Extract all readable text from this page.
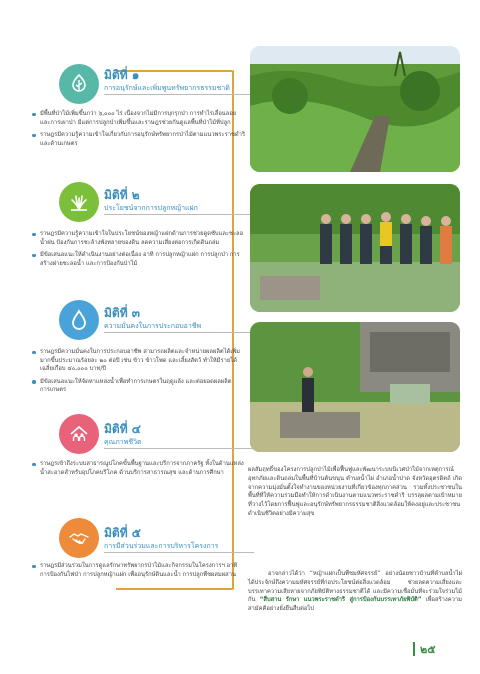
มิติที่ ๑
การอนุรักษ์และเพิ่มพูนทรัพยากรธรรมชาติ
มีพื้นที่ป่าไม้เพิ่มขึ้นกว่า ๖,๐๐๐ ไร่ เนื่องจากไม่มีการบุกรุกป่า การทำไร่เลื่อนลอย และการเผาป่า มีแต่การปลูกป่าเพิ่มขึ้นและราษฎรช่วยกันดูแลพื้นที่ป่าไม้ที่ปลูก
ราษฎรมีความรู้ความเข้าใจเกี่ยวกับการอนุรักษ์ทรัพยากรป่าไม้ตามแนวพระราชดำริและด้านเกษตร
มิติที่ ๒
ประโยชน์จากการปลูกหญ้าแฝก
ราษฎรมีความรู้ความเข้าใจในประโยชน์ของหญ้าแฝกด้านการช่วยดูดซับและชะลอน้ำฝน ป้องกันการชะล้างพังทลายของดิน ลดความเสี่ยงต่อการเกิดดินถล่ม
มีข้อเสนอแนะให้ดำเนินงานอย่างต่อเนื่อง อาทิ การปลูกหญ้าแฝก การปลูกป่า การสร้างฝายชะลอน้ำ และการป้องกันป่าไม้
มิติที่ ๓
ความมั่นคงในการประกอบอาชีพ
ราษฎรมีความมั่นคงในการประกอบอาชีพ สามารถผลิตและจำหน่ายผลผลิตได้เพิ่มมากขึ้นประมาณร้อยละ ๒๐ ต่อปี เช่น ข้าว ข้าวโพด และเลี้ยงสัตว์ ทำให้มีรายได้เฉลี่ยเกือบ ๔๐,๐๐๐ บาท/ปี
มีข้อเสนอแนะให้จัดหาแหล่งน้ำเพื่อทำการเกษตรในฤดูแล้ง และต่อยอดผลผลิตการเกษตร
มิติที่ ๔
คุณภาพชีวิต
ราษฎรเข้าถึงระบบสาธารณูปโภคขั้นพื้นฐานและบริการจากภาครัฐ ทั้งในด้านแหล่งน้ำสะอาดสำหรับอุปโภคบริโภค ด้านบริการสาธารณสุข และด้านการศึกษา
มิติที่ ๕
การมีส่วนร่วมและการบริหารโครงการ
ราษฎรมีส่วนร่วมในการดูแลรักษาทรัพยากรป่าไม้และกิจกรรมในโครงการฯ อาทิ การป้องกันไฟป่า การปลูกหญ้าแฝก เพื่ออนุรักษ์ดินและน้ำ การปลูกพืชผสมผสาน

ผลสัมฤทธิ์ของโครงการปลูกป่าไม้เพื่อฟื้นฟูและพัฒนาระบบนิเวศป่าไม้จากเหตุการณ์อุทกภัยและดินถล่มในพื้นที่บ้านต้นขนุน ตำบลน้ำไผ่ อำเภอน้ำปาด จังหวัดอุตรดิตถ์ เกิดจากความมุ่งมั่นตั้งใจทำงานของหน่วยงานที่เกี่ยวข้องทุกภาคส่วน รวมทั้งประชาชนในพื้นที่ที่ให้ความร่วมมือทำให้การดำเนินงานตามแนวพระราชดำริ บรรลุผลตามเป้าหมายที่วางไว้โดยการฟื้นฟูและอนุรักษ์ทรัพยากรธรรมชาติสิ่งแวดล้อมให้คงอยู่และประชาชนดำเนินชีวิตอย่างมีความสุข

อาจกล่าวได้ว่า “หญ้าแฝกเป็นพืชมหัศจรรย์” อย่างน้อยชาวบ้านที่ตำบลน้ำไผ่ได้ประจักษ์ถึงความมหัศจรรย์ที่ก่อประโยชน์ต่อสิ่งแวดล้อม ช่วยลดความเสี่ยงและบรรเทาความเสียหายจากภัยพิบัติทางธรรมชาติได้ และมีความเชื่อมั่นที่จะร่วมใจร่วมไม้กัน “สืบสาน รักษา แนวพระราชดำริ สู่การป้องกันบรรเทาภัยพิบัติ” เพื่อสร้างความสามัคคีอย่างยั่งยืนสืบต่อไป

๒๕
